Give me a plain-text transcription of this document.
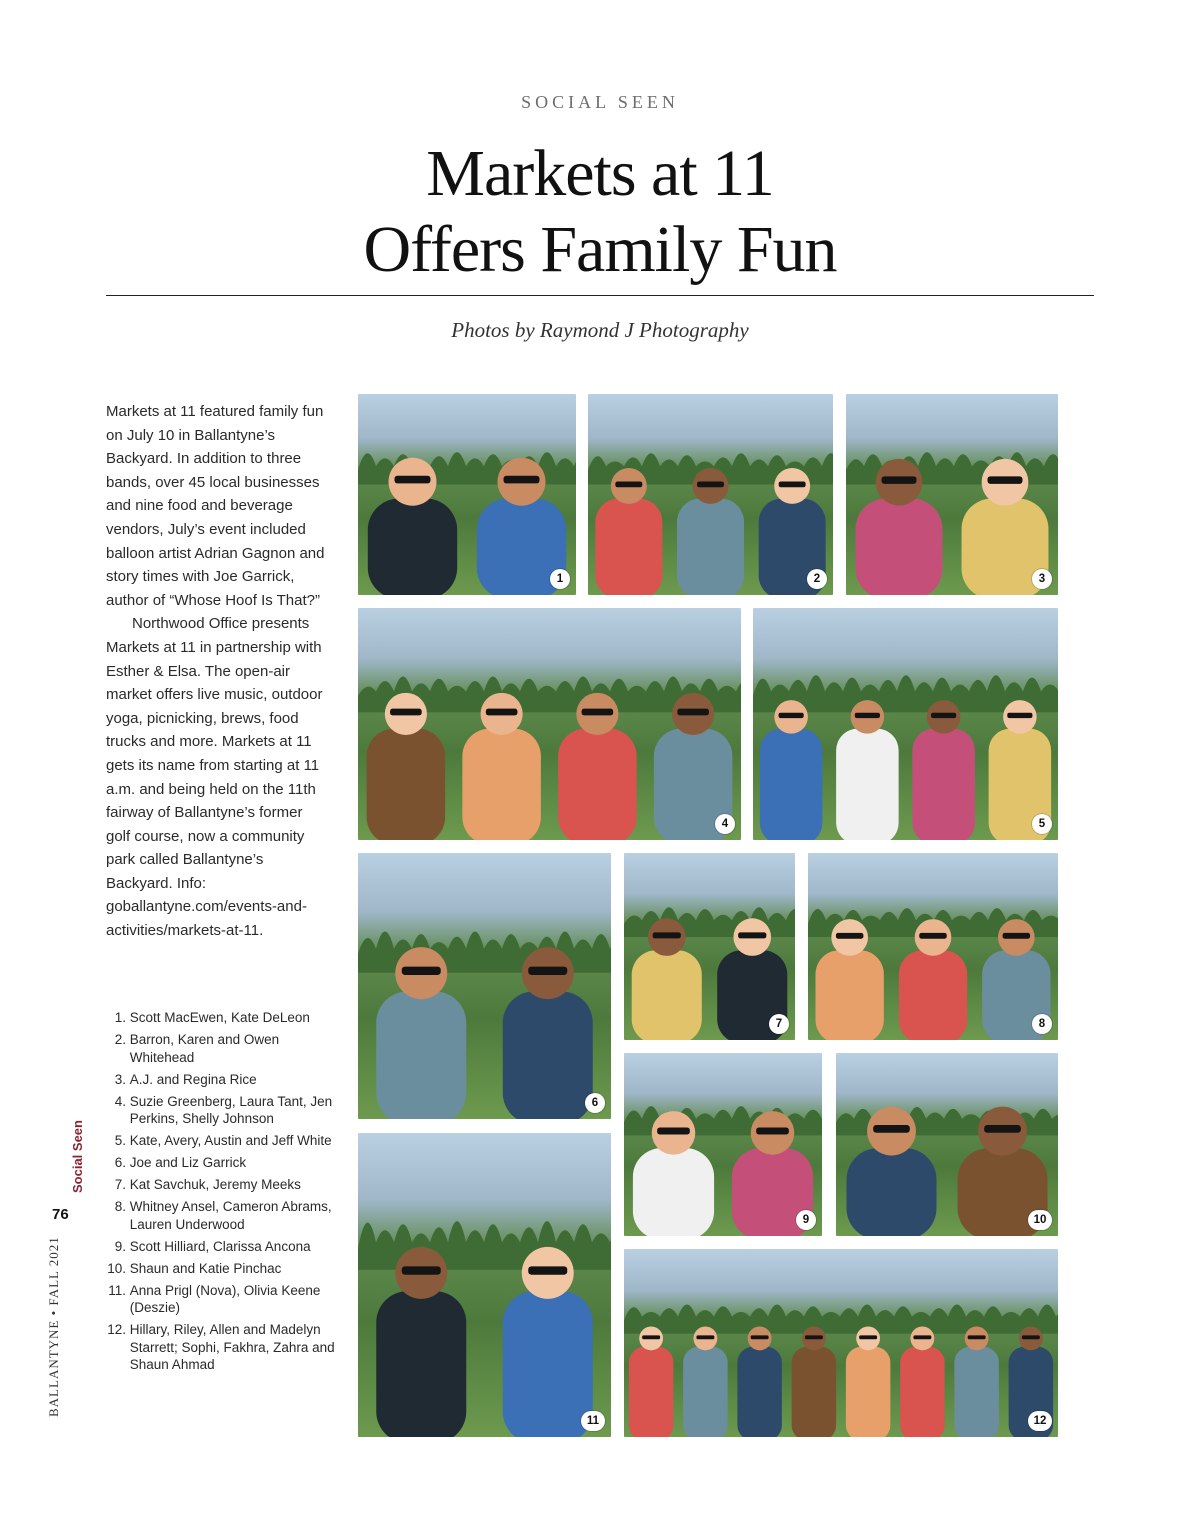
SOCIAL SEEN
Markets at 11
Offers Family Fun
Photos by Raymond J Photography

Markets at 11 featured family fun on July 10 in Ballantyne’s Backyard. In addition to three bands, over 45 local businesses and nine food and beverage vendors, July’s event included balloon artist Adrian Gagnon and story times with Joe Garrick, author of “Whose Hoof Is That?”

Northwood Office presents Markets at 11 in partnership with Esther & Elsa. The open-air market offers live music, outdoor yoga, picnicking, brews, food trucks and more. Markets at 11 gets its name from starting at 11 a.m. and being held on the 11th fairway of Ballantyne’s former golf course, now a community park called Ballantyne’s Backyard. Info: goballantyne.com/events-and-activities/markets-at-11.

1.
Scott MacEwen, Kate DeLeon
2.
Barron, Karen and Owen Whitehead
3.
A.J. and Regina Rice
4.
Suzie Greenberg, Laura Tant, Jen Perkins, Shelly Johnson
5.
Kate, Avery, Austin and Jeff White
6.
Joe and Liz Garrick
7.
Kat Savchuk, Jeremy Meeks
8.
Whitney Ansel, Cameron Abrams, Lauren Underwood
9.
Scott Hilliard, Clarissa Ancona
10.
Shaun and Katie Pinchac
11.
Anna Prigl (Nova), Olivia Keene (Deszie)
12.
Hillary, Riley, Allen and Madelyn Starrett; Sophi, Fakhra, Zahra and Shaun Ahmad
1	2	3
4	5
6
7	8
9	10
11	12
BALLANTYNE • FALL 2021
Social Seen
76
